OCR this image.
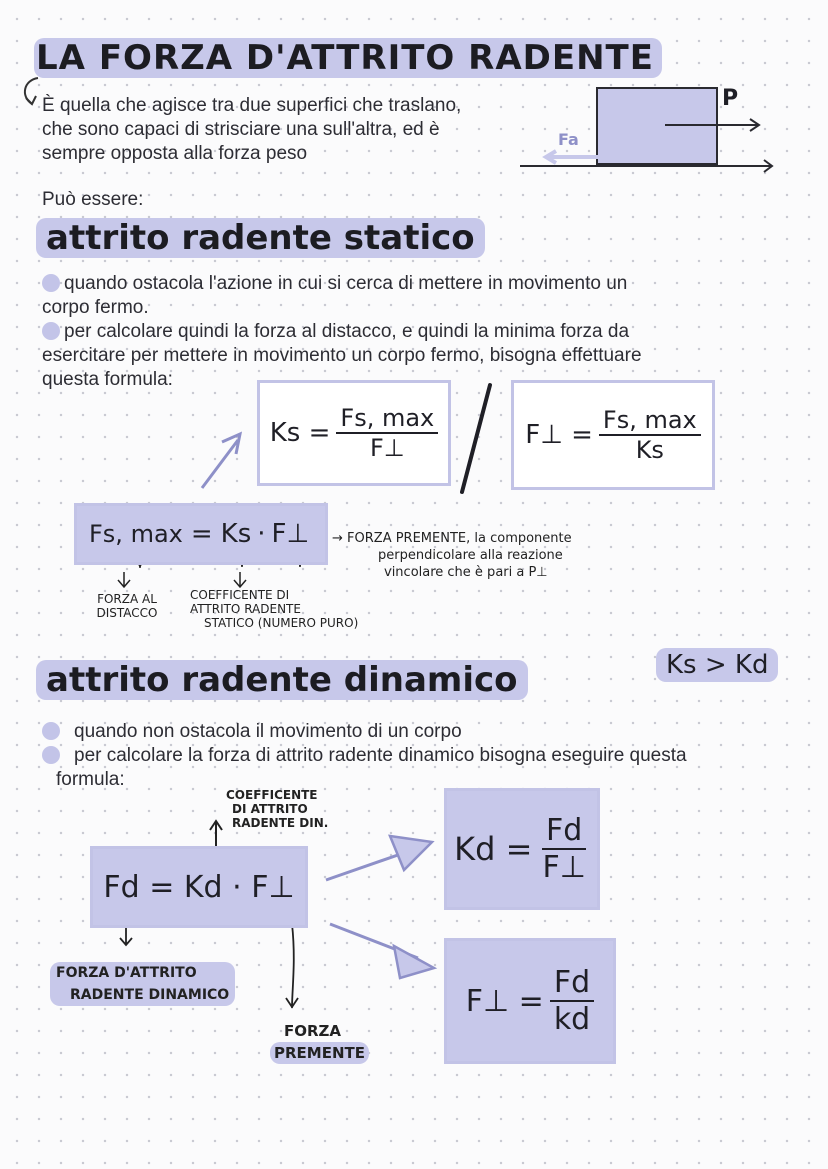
LA FORZA D'ATTRITO RADENTE
È quella che agisce tra due superfici che traslano,
che sono capaci di strisciare una sull'altra, ed è
sempre opposta alla forza peso
P
Fa
Può essere:
attrito radente statico
quando ostacola l'azione in cui si cerca di mettere in movimento un
corpo fermo.
per calcolare quindi la forza al distacco, e quindi la minima forza da
esercitare per mettere in movimento un corpo fermo, bisogna effettuare
questa formula:
$Ks = \frac{Fs, \max}{F\perp}$	F⊥ = $\frac{Fs, \max}{Ks}$
Fs, max = Ks · F⊥ → FORZA PREMENTE, la componente
perpendicolare alla reazione
vincolare che è pari a P⊥
FORZA AL
DISTACCO
COEFFICENTE DI
ATTRITO RADENTE
STATICO (NUMERO PURO)
attrito radente dinamico	Ks > Kd
quando non ostacola il movimento di un corpo
per calcolare la forza di attrito radente dinamico bisogna eseguire questa
formula:
COEFFICENTE
DI ATTRITO
RADENTE DIN.
Fd = Kd · F⊥
$Kd = \frac{Fd}{F\perp}$
F⊥ = $\frac{Fd}{kd}$
FORZA D'ATTRITO
RADENTE DINAMICO
FORZA
PREMENTE
